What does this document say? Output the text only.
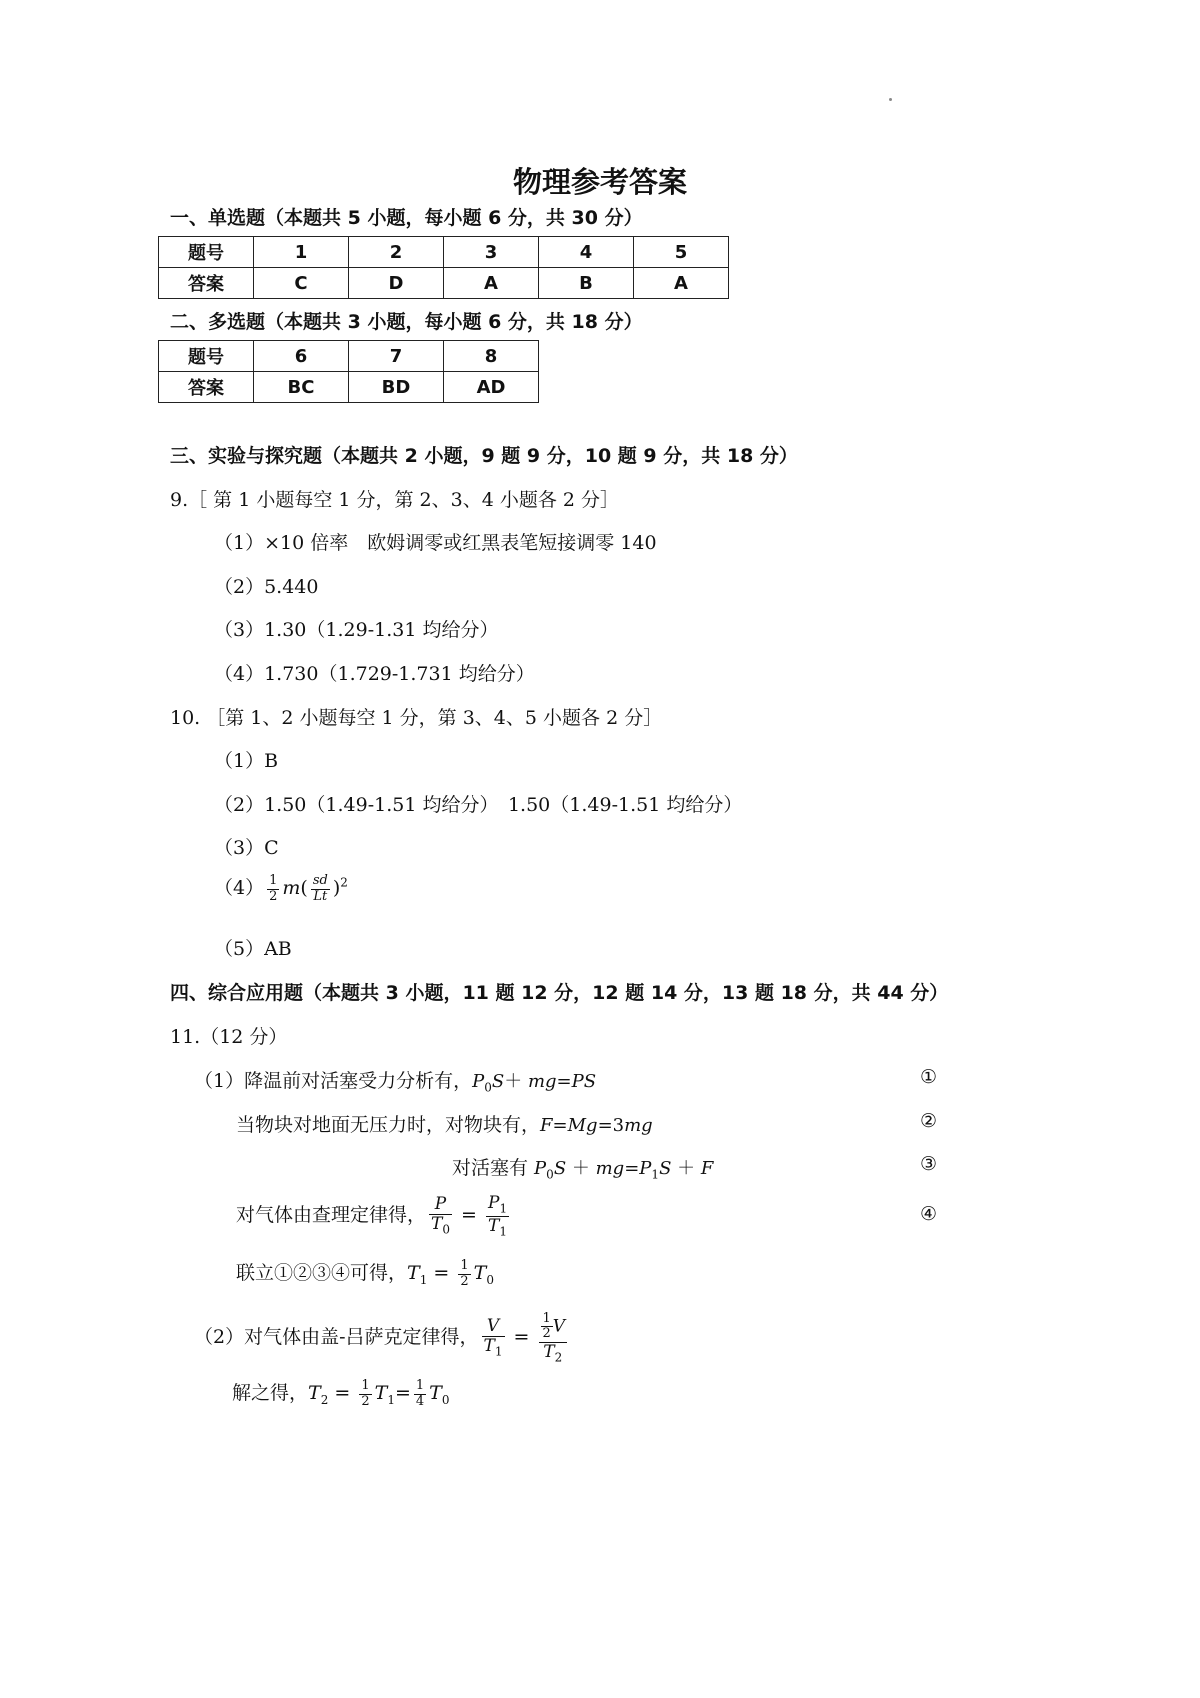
物理参考答案
一、单选题（本题共 5 小题，每小题 6 分，共 30 分）
题号	1	2	3	4	5
答案	C	D	A	B	A
二、多选题（本题共 3 小题，每小题 6 分，共 18 分）
题号	6	7	8
答案	BC	BD	AD
三、实验与探究题（本题共 2 小题，9 题 9 分，10 题 9 分，共 18 分）
9.［ 第 1 小题每空 1 分，第 2、3、4 小题各 2 分］
（1）×10 倍率　欧姆调零或红黑表笔短接调零 140
（2）5.440
（3）1.30（1.29-1.31 均给分）
（4）1.730（1.729-1.731 均给分）
10. ［第 1、2 小题每空 1 分，第 3、4、5 小题各 2 分］
（1）B
（2）1.50（1.49-1.51 均给分）　1.50（1.49-1.51 均给分）
（3）C
$(4) \frac{1}{2} m( \frac{sd}{Lt} )^2$
（5）AB
四、综合应用题（本题共 3 小题，11 题 12 分，12 题 14 分，13 题 18 分，共 44 分）
11.（12 分）
（1）降温前对活塞受力分析有，$P_0S+ mg=PS$	①
当物块对地面无压力时，对物块有，F=Mg=3mg	②
对活塞有 $P_0S + mg=P_1S + F$	③
对气体由查理定律得， $\frac{P}{T_0} = \frac{P_1}{T_1}$	④
联立①②③④可得，$T_1 = \frac{1}{2} T_0$
（2）对气体由盖-吕萨克定律得， $\frac{V}{T_1} = \frac{\frac{1}{2} V}{T_2}$
解之得，$T_2 = \frac{1}{2} T_1= \frac{1}{4} T_0$
